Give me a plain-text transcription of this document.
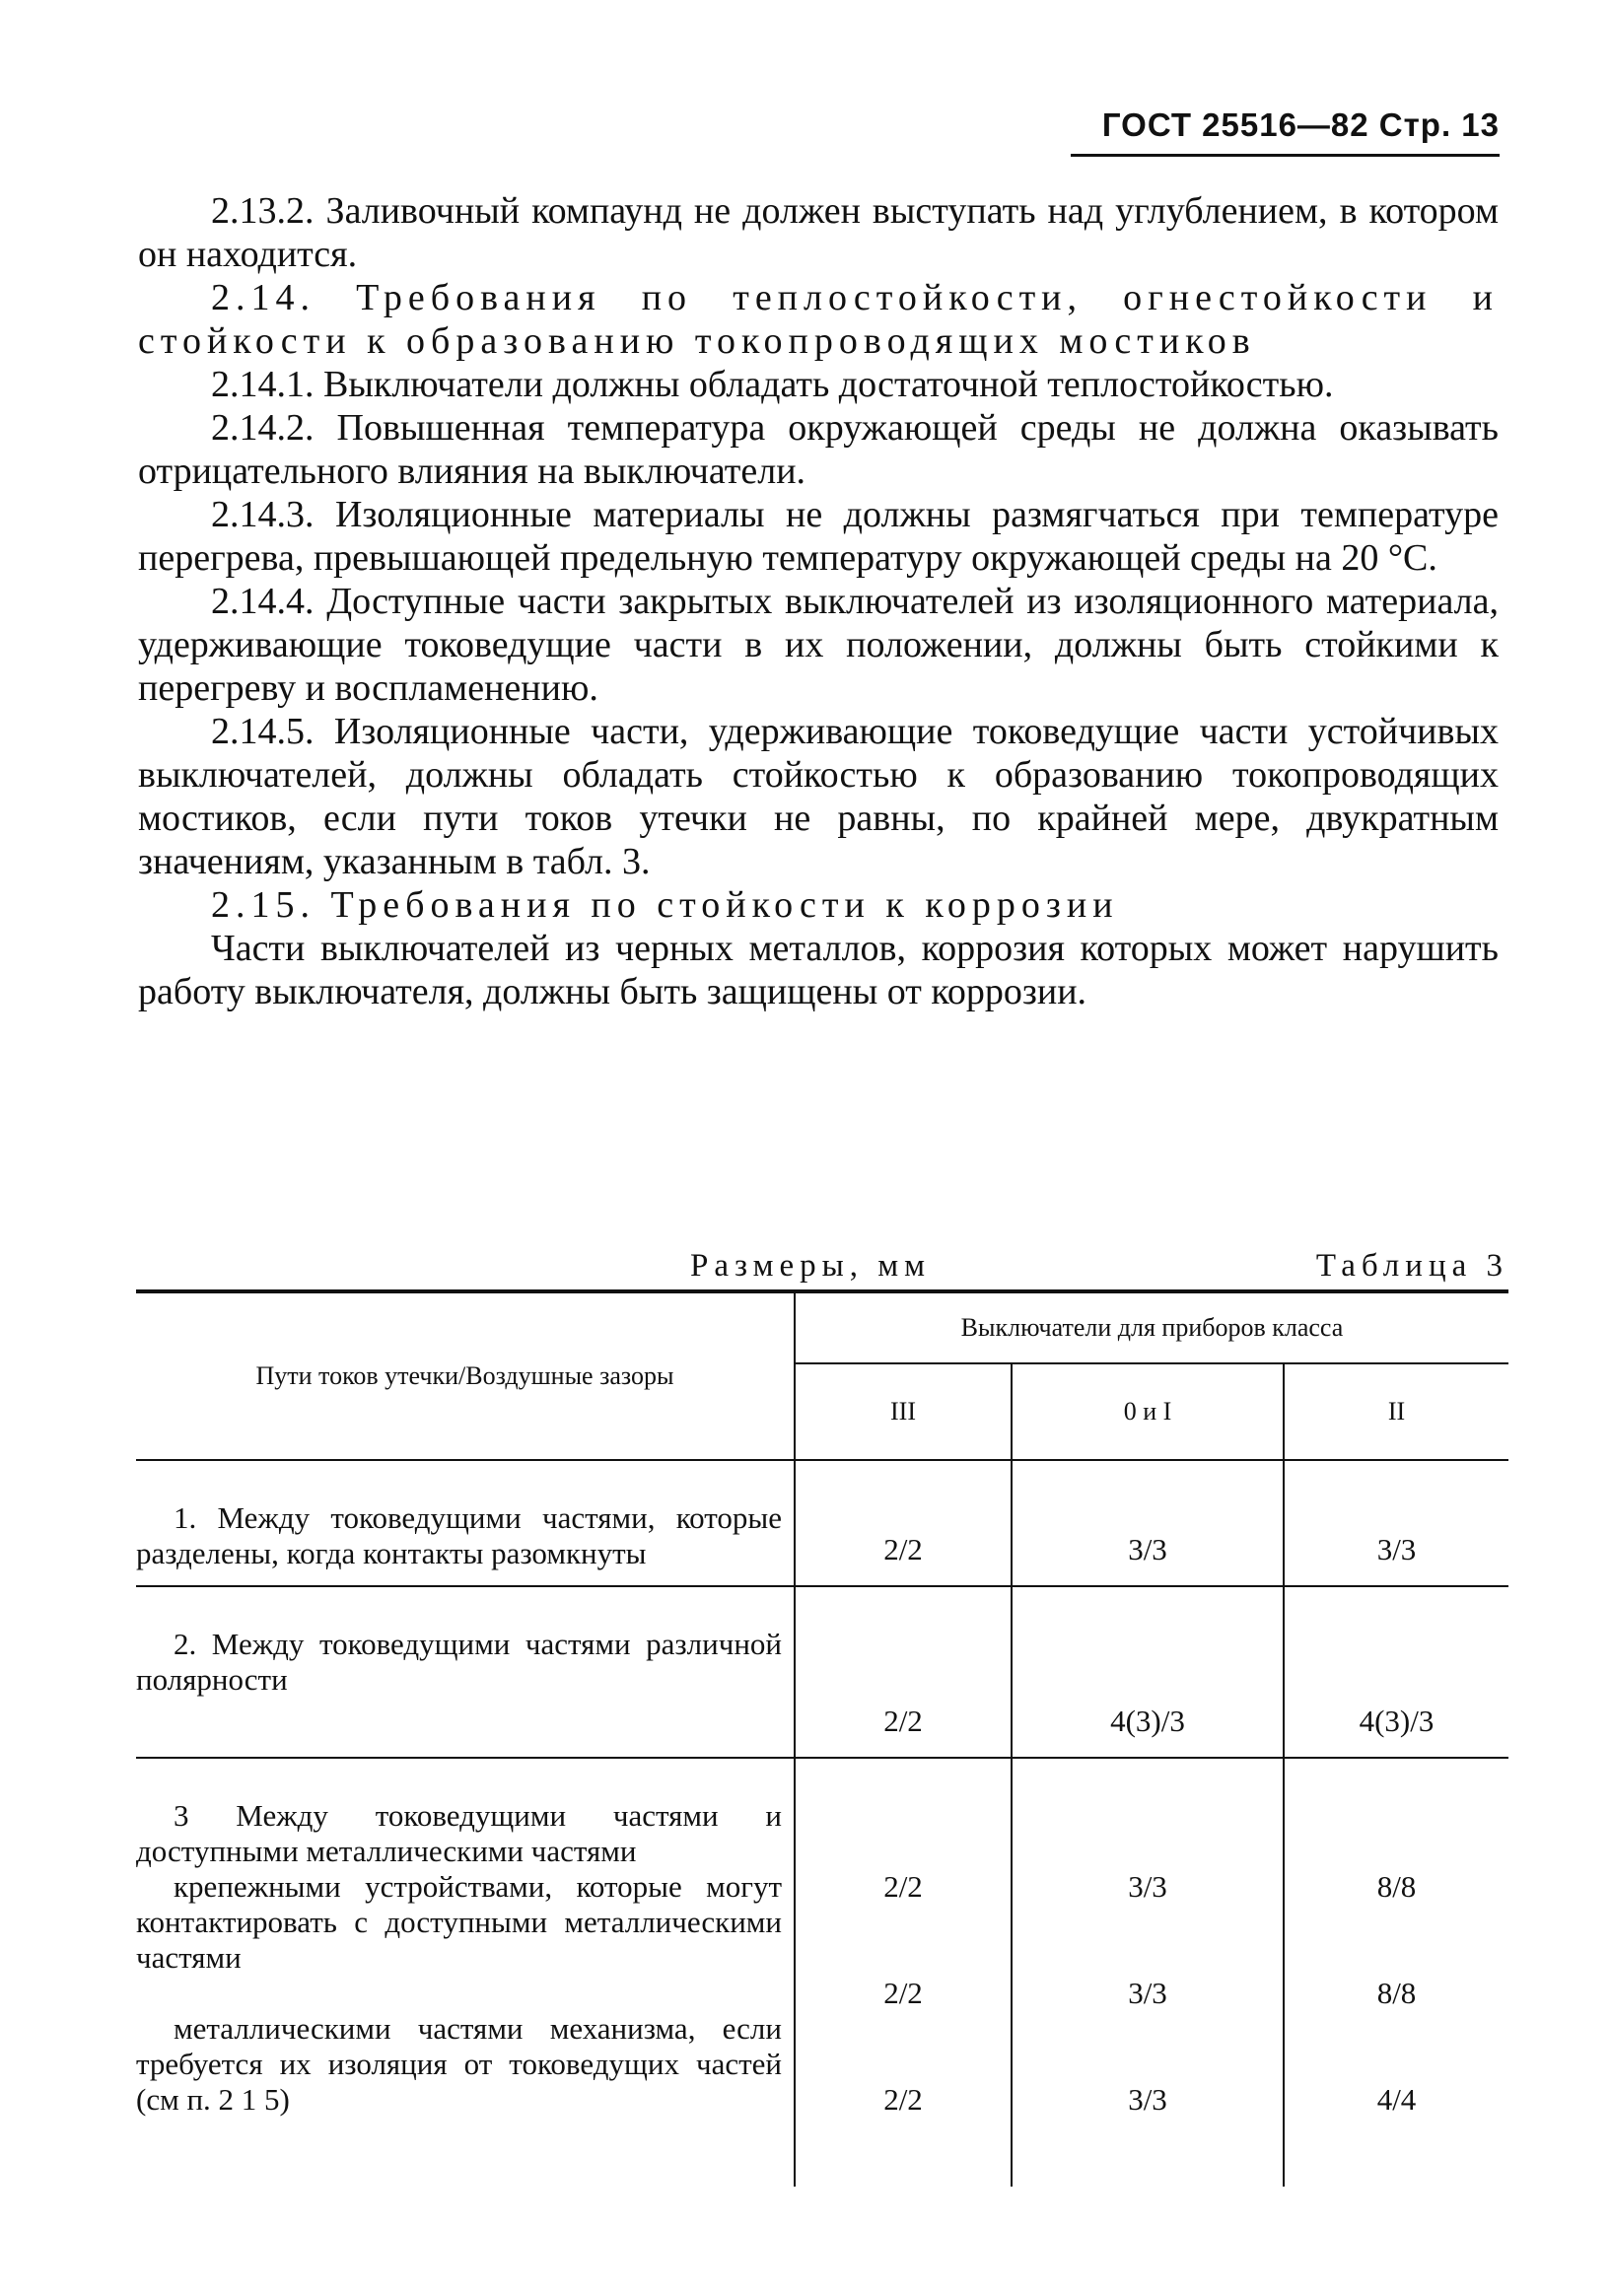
ГОСТ 25516—82 Стр. 13

2.13.2. Заливочный компаунд не должен выступать над углублением, в котором он находится.

2.14. Требования по теплостойкости, огнестойкости и стойкости к образованию токопроводящих мостиков

2.14.1. Выключатели должны обладать достаточной теплостойкостью.

2.14.2. Повышенная температура окружающей среды не должна оказывать отрицательного влияния на выключатели.

2.14.3. Изоляционные материалы не должны размягчаться при температуре перегрева, превышающей предельную температуру окружающей среды на 20 °С.

2.14.4. Доступные части закрытых выключателей из изоляционного материала, удерживающие токоведущие части в их положении, должны быть стойкими к перегреву и воспламенению.

2.14.5. Изоляционные части, удерживающие токоведущие части устойчивых выключателей, должны обладать стойкостью к образованию токопроводящих мостиков, если пути токов утечки не равны, по крайней мере, двукратным значениям, указанным в табл. 3.

2.15. Требования по стойкости к коррозии

Части выключателей из черных металлов, коррозия которых может нарушить работу выключателя, должны быть защищены от коррозии.

Размеры, мм	Таблица 3
Пути токов утечки/Воздушные зазоры	Выключатели для приборов класса		
	III	0 и I	II
1. Между токоведущими частями, которые разделены, когда контакты разомкнуты	2/2	3/3	3/3
2. Между токоведущими частями различной полярности	2/2	4(3)/3	4(3)/3

3 Между токоведущими частями и доступными металлическими частями			

крепежными устройствами, которые могут контактировать с доступными металлическими частями	2/2	3/3	8/8
	2/2	3/3	8/8

металлическими частями механизма, если требуется их изоляция от токоведущих частей (см п. 2 1 5)	2/2	3/3	4/4
